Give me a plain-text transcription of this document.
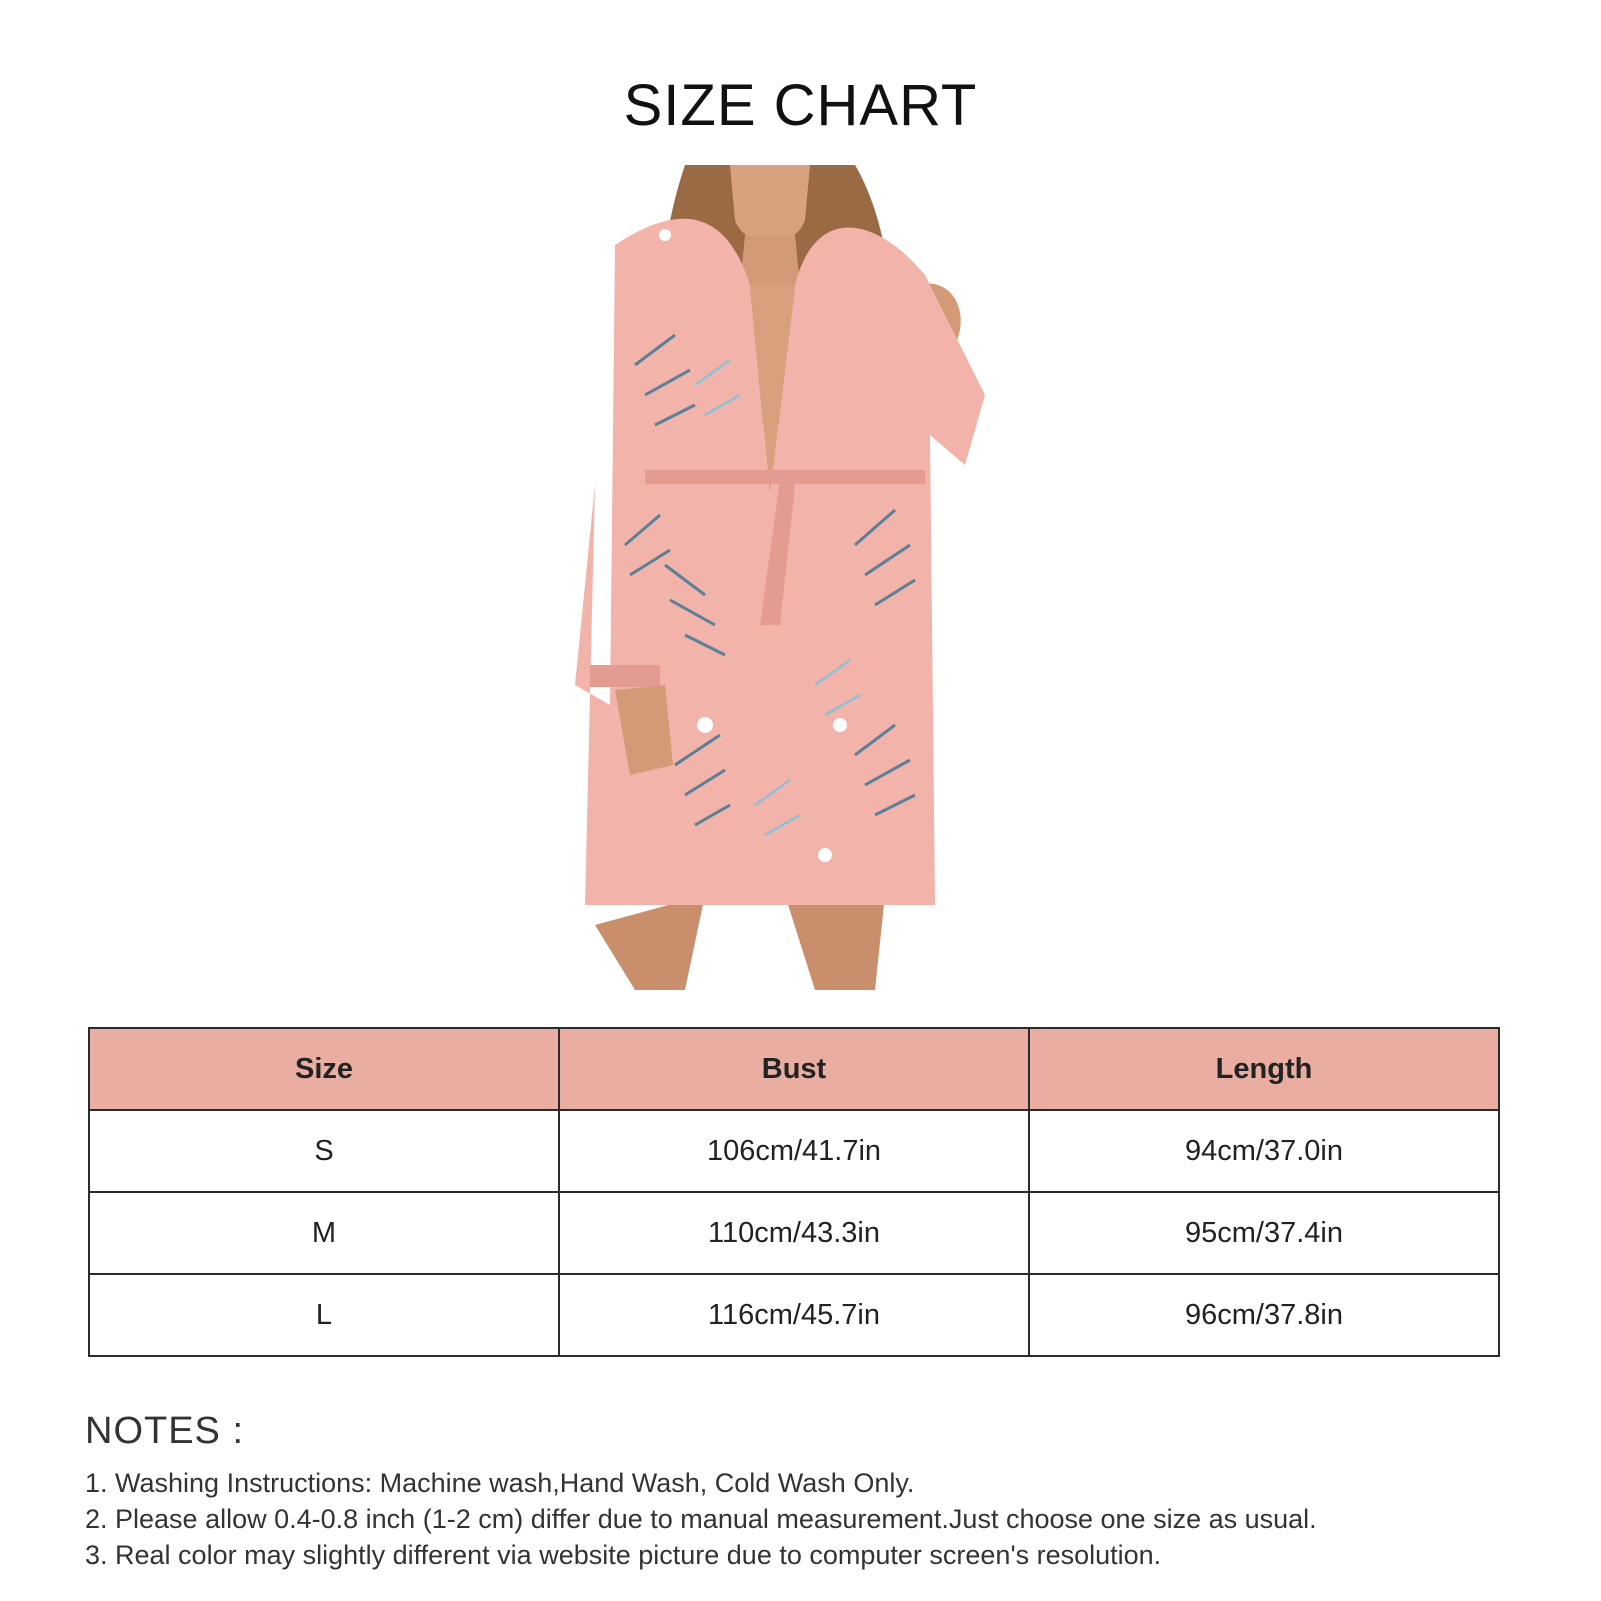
SIZE CHART
Size	Bust	Length
S	106cm/41.7in	94cm/37.0in
M	110cm/43.3in	95cm/37.4in
L	116cm/45.7in	96cm/37.8in
NOTES :
1. Washing Instructions: Machine wash,Hand Wash, Cold Wash Only.
2. Please allow 0.4-0.8 inch (1-2 cm) differ due to manual measurement.Just choose one size as usual.
3. Real color may slightly different via website picture due to computer screen's resolution.
